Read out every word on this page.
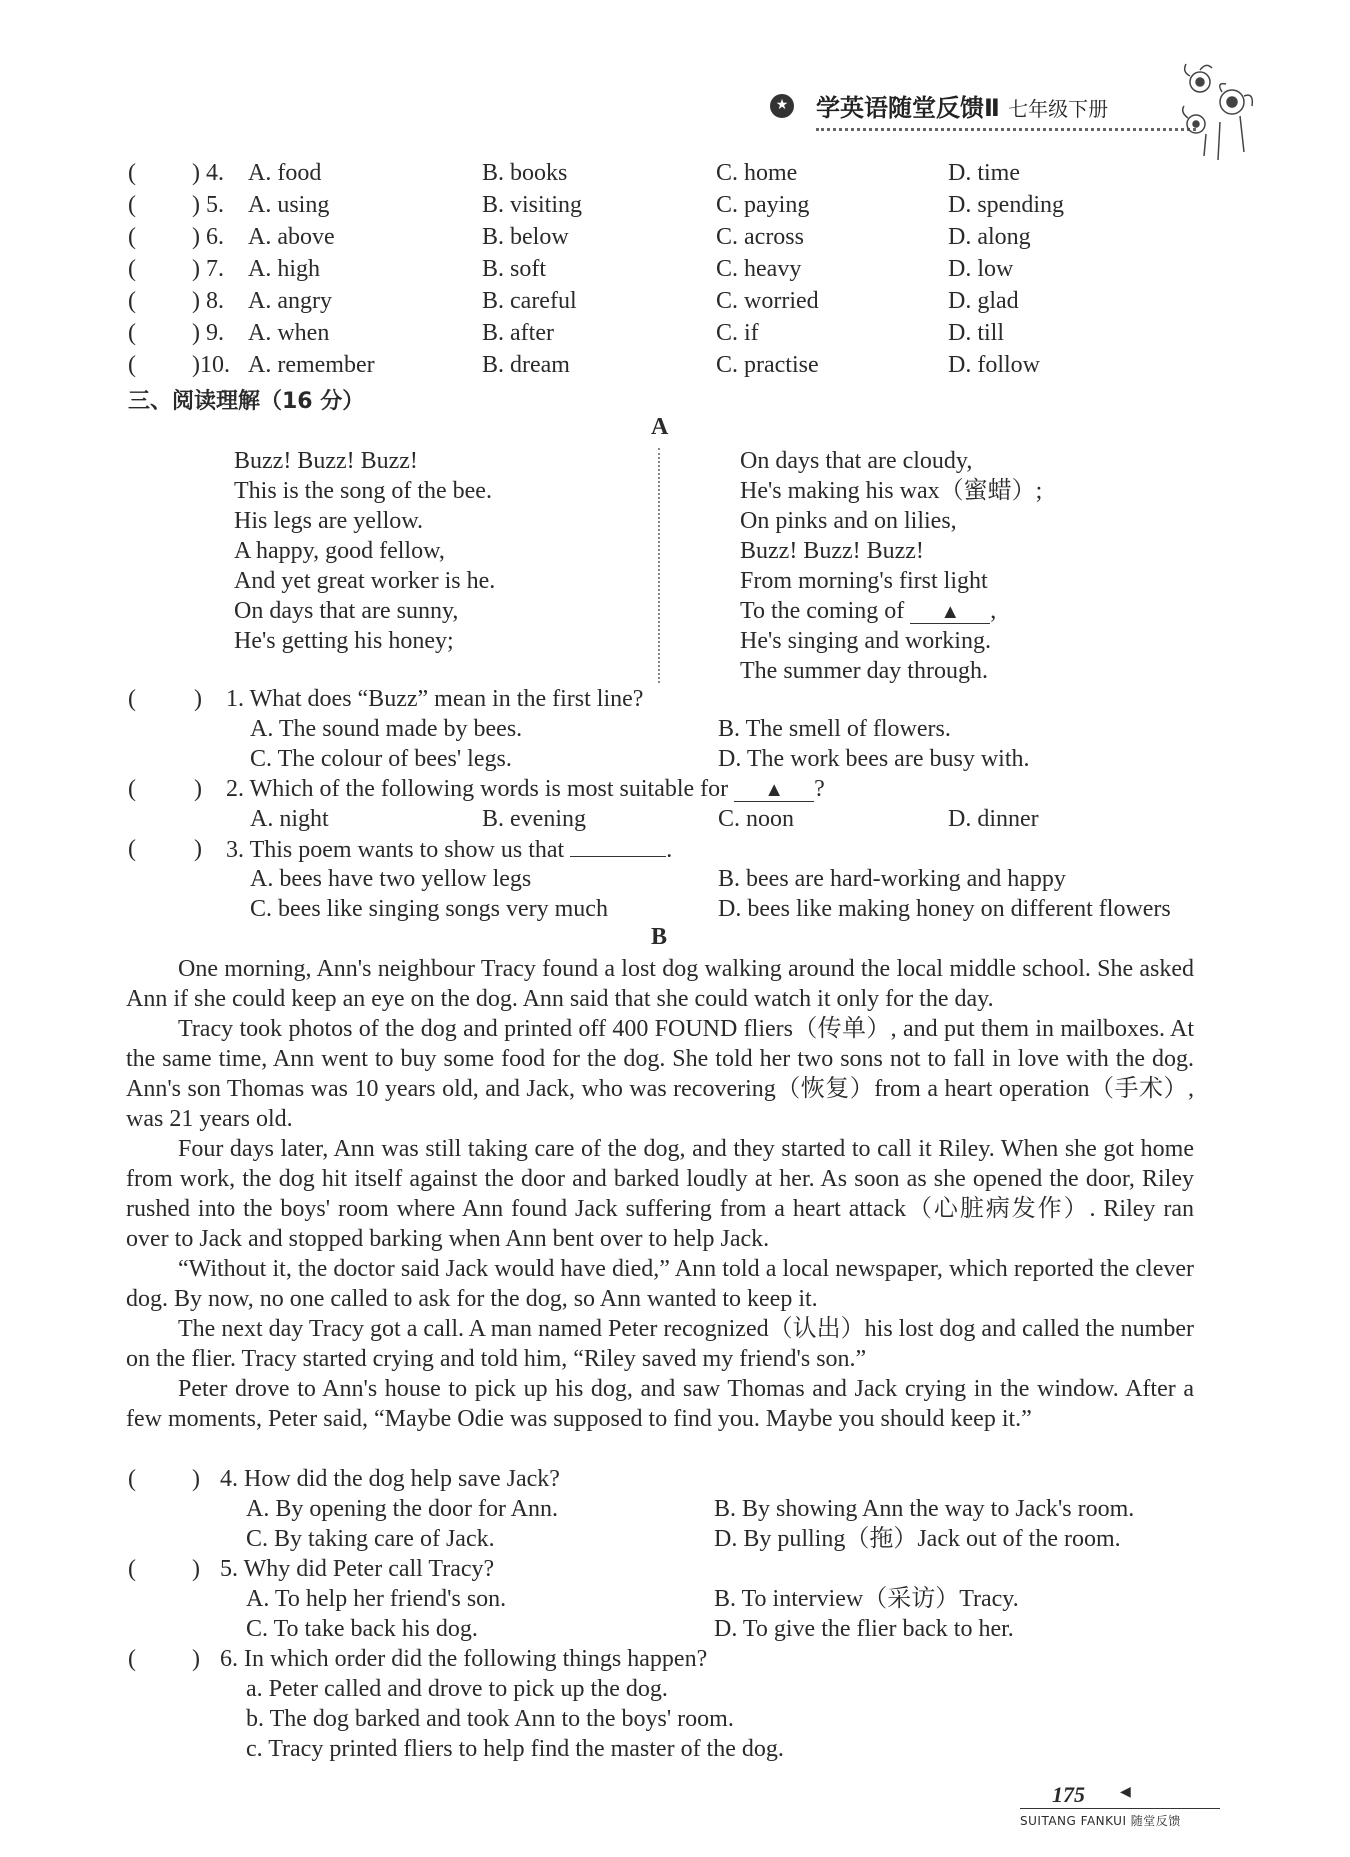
★ 学英语随堂反馈Ⅱ 七年级下册
( ) 4. A. food	B. books	C. home	D. time
( ) 5. A. using	B. visiting	C. paying	D. spending
( ) 6. A. above	B. below	C. across	D. along
( ) 7. A. high	B. soft	C. heavy	D. low
( ) 8. A. angry	B. careful	C. worried	D. glad
( ) 9. A. when	B. after	C. if	D. till
( )10. A. remember	B. dream	C. practise	D. follow
三、阅读理解（16 分）
A
Buzz! Buzz! Buzz!
This is the song of the bee.
His legs are yellow.
A happy, good fellow,
And yet great worker is he.
On days that are sunny,
He's getting his honey;
On days that are cloudy,
He's making his wax（蜜蜡）;
On pinks and on lilies,
Buzz! Buzz! Buzz!
From morning's first light
To the coming of ▲ ,
He's singing and working.
The summer day through.
( ) 1. What does “Buzz” mean in the first line?
A. The sound made by bees.	B. The smell of flowers.
C. The colour of bees' legs.	D. The work bees are busy with.
( ) 2. Which of the following words is most suitable for ▲ ?
A. night	B. evening	C. noon	D. dinner
( ) 3. This poem wants to show us that	.
A. bees have two yellow legs	B. bees are hard-working and happy
C. bees like singing songs very much	D. bees like making honey on different flowers
B

One morning, Ann's neighbour Tracy found a lost dog walking around the local middle school. She asked Ann if she could keep an eye on the dog. Ann said that she could watch it only for the day.

Tracy took photos of the dog and printed off 400 FOUND fliers（传单）, and put them in mailboxes. At the same time, Ann went to buy some food for the dog. She told her two sons not to fall in love with the dog. Ann's son Thomas was 10 years old, and Jack, who was recovering（恢复）from a heart operation（手术）, was 21 years old.

Four days later, Ann was still taking care of the dog, and they started to call it Riley. When she got home from work, the dog hit itself against the door and barked loudly at her. As soon as she opened the door, Riley rushed into the boys' room where Ann found Jack suffering from a heart attack（心脏病发作）. Riley ran over to Jack and stopped barking when Ann bent over to help Jack.

“Without it, the doctor said Jack would have died,” Ann told a local newspaper, which reported the clever dog. By now, no one called to ask for the dog, so Ann wanted to keep it.

The next day Tracy got a call. A man named Peter recognized（认出）his lost dog and called the number on the flier. Tracy started crying and told him, “Riley saved my friend's son.”

Peter drove to Ann's house to pick up his dog, and saw Thomas and Jack crying in the window. After a few moments, Peter said, “Maybe Odie was supposed to find you. Maybe you should keep it.”

( ) 4. How did the dog help save Jack?
A. By opening the door for Ann.	B. By showing Ann the way to Jack's room.
C. By taking care of Jack.	D. By pulling（拖）Jack out of the room.
( ) 5. Why did Peter call Tracy?
A. To help her friend's son.	B. To interview（采访）Tracy.
C. To take back his dog.	D. To give the flier back to her.
( ) 6. In which order did the following things happen?
a. Peter called and drove to pick up the dog.
b. The dog barked and took Ann to the boys' room.
c. Tracy printed fliers to help find the master of the dog.
175	◀
SUITANG FANKUI 随堂反馈
